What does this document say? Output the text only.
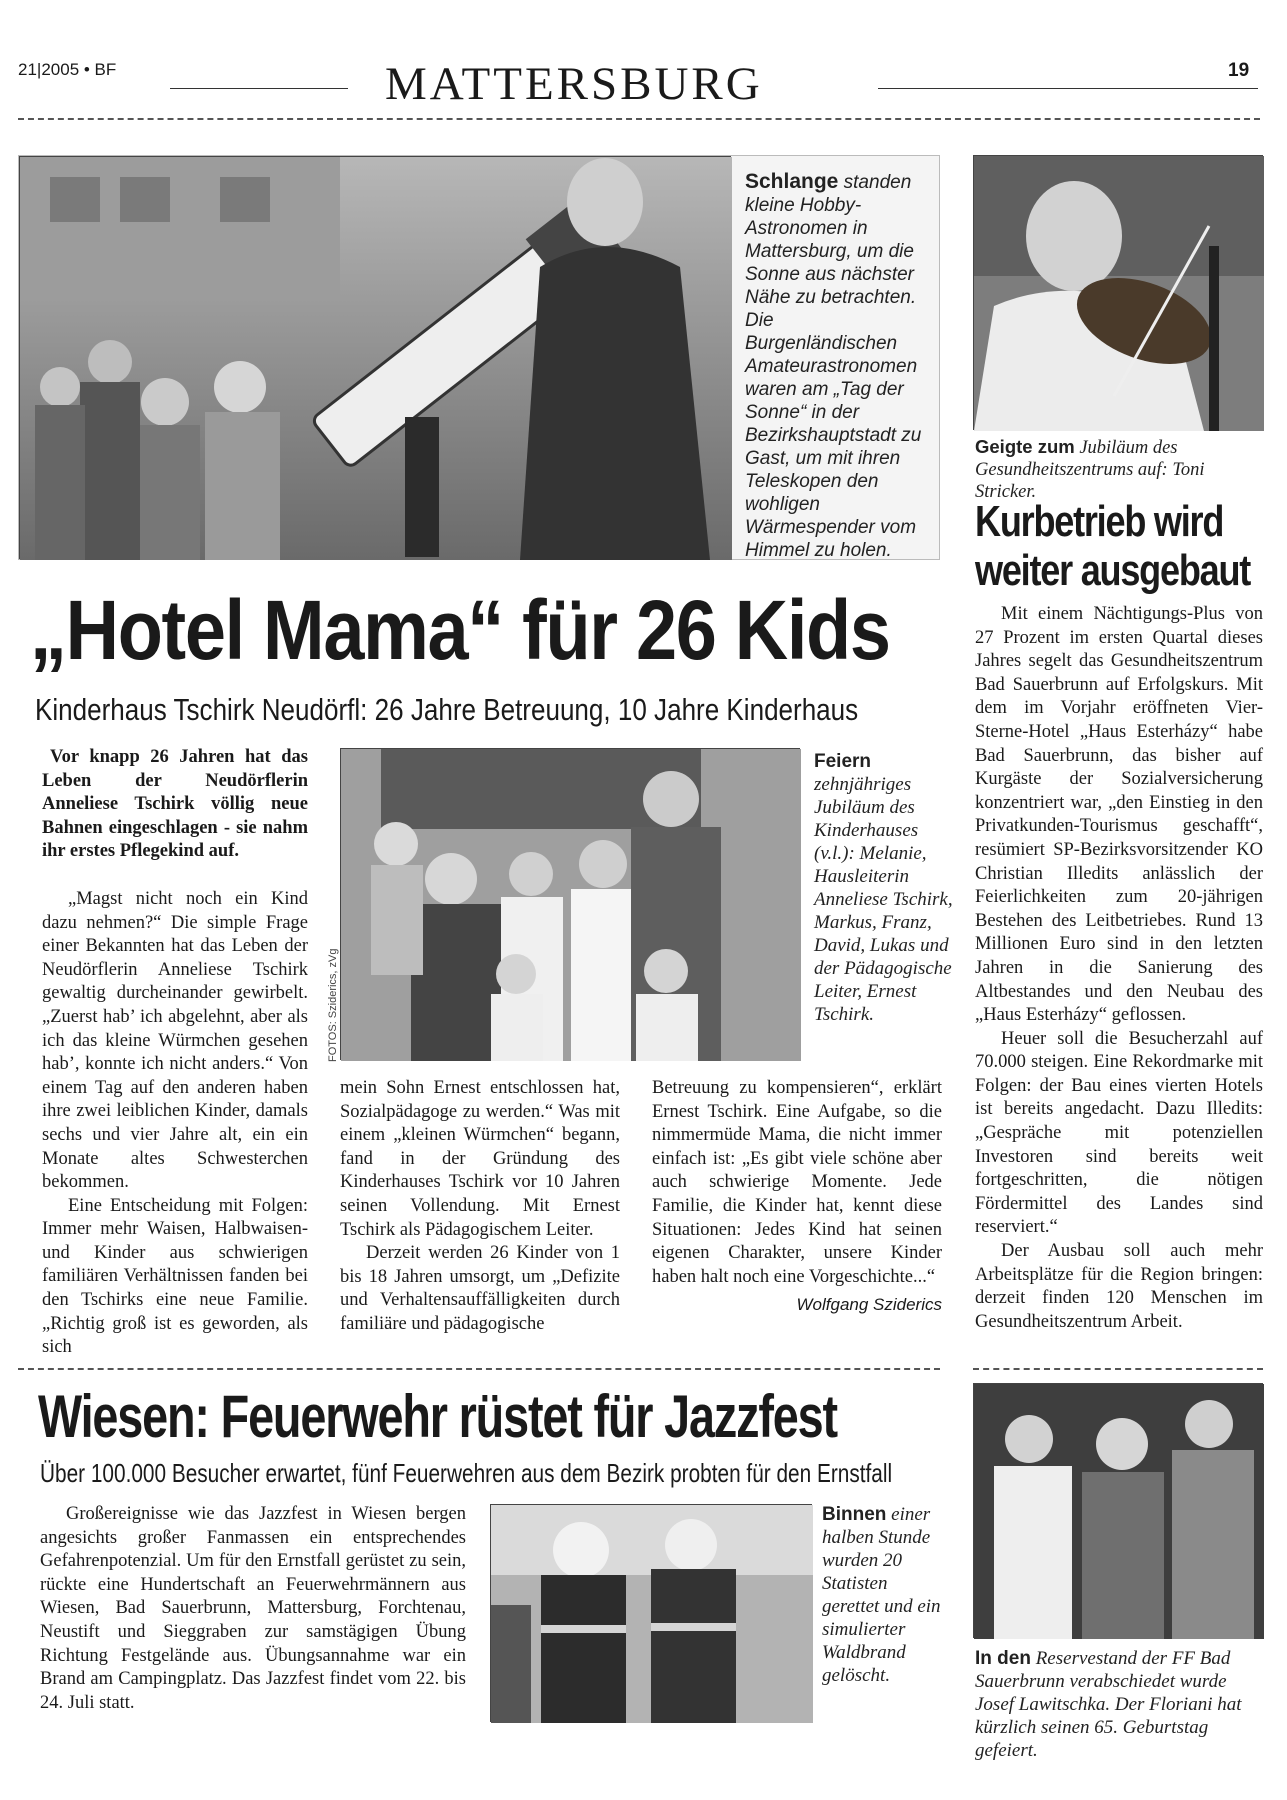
21|2005 • BF	MATTERSBURG	19
Schlange standen kleine Hobby-Astronomen in Mattersburg, um die Sonne aus nächster Nähe zu betrachten. Die Burgenländischen Amateurastronomen waren am „Tag der Sonne“ in der Bezirkshauptstadt zu Gast, um mit ihren Teleskopen den wohligen Wärmespender vom Himmel zu holen.
Geigte zum Jubiläum des Gesundheitszentrums auf: Toni Stricker.
Kurbetrieb wird
weiter ausgebaut

Mit einem Nächtigungs-Plus von 27 Prozent im ersten Quartal dieses Jahres segelt das Gesundheitszentrum Bad Sauerbrunn auf Erfolgskurs. Mit dem im Vorjahr eröffneten Vier-Sterne-Hotel „Haus Esterházy“ habe Bad Sauerbrunn, das bisher auf Kurgäste der Sozialversicherung konzentriert war, „den Einstieg in den Privatkunden-Tourismus geschafft“, resümiert SP-Bezirksvorsitzender KO Christian Illedits anlässlich der Feierlichkeiten zum 20-jährigen Bestehen des Leitbetriebes. Rund 13 Millionen Euro sind in den letzten Jahren in die Sanierung des Altbestandes und den Neubau des „Haus Esterházy“ geflossen.

Heuer soll die Besucherzahl auf 70.000 steigen. Eine Rekordmarke mit Folgen: der Bau eines vierten Hotels ist bereits angedacht. Dazu Illedits: „Gespräche mit potenziellen Investoren sind bereits weit fortgeschritten, die nötigen Fördermittel des Landes sind reserviert.“

Der Ausbau soll auch mehr Arbeitsplätze für die Region bringen: derzeit finden 120 Menschen im Gesundheitszentrum Arbeit.

„Hotel Mama“ für 26 Kids
Kinderhaus Tschirk Neudörfl: 26 Jahre Betreuung, 10 Jahre Kinderhaus
Vor knapp 26 Jahren hat das Leben der Neudörflerin Anneliese Tschirk völlig neue Bahnen eingeschlagen - sie nahm ihr erstes Pflegekind auf.

„Magst nicht noch ein Kind dazu nehmen?“ Die simple Frage einer Bekannten hat das Leben der Neudörflerin Anneliese Tschirk gewaltig durcheinander gewirbelt. „Zuerst hab’ ich abgelehnt, aber als ich das kleine Würmchen gesehen hab’, konnte ich nicht anders.“ Von einem Tag auf den anderen haben ihre zwei leiblichen Kinder, damals sechs und vier Jahre alt, ein ein Monate altes Schwesterchen bekommen.

Eine Entscheidung mit Folgen: Immer mehr Waisen, Halbwaisen- und Kinder aus schwierigen familiären Verhältnissen fanden bei den Tschirks eine neue Familie. „Richtig groß ist es geworden, als sich

FOTOS: Sziderics, zVg
Feiern zehnjähriges Jubiläum des Kinderhauses (v.l.): Melanie, Hausleiterin Anneliese Tschirk, Markus, Franz, David, Lukas und der Pädagogische Leiter, Ernest Tschirk.

mein Sohn Ernest entschlossen hat, Sozialpädagoge zu werden.“ Was mit einem „kleinen Würmchen“ begann, fand in der Gründung des Kinderhauses Tschirk vor 10 Jahren seinen Vollendung. Mit Ernest Tschirk als Pädagogischem Leiter.

Derzeit werden 26 Kinder von 1 bis 18 Jahren umsorgt, um „Defizite und Verhaltensauffälligkeiten durch familiäre und pädagogische

Betreuung zu kompensieren“, erklärt Ernest Tschirk. Eine Aufgabe, so die nimmermüde Mama, die nicht immer einfach ist: „Es gibt viele schöne aber auch schwierige Momente. Jede Familie, die Kinder hat, kennt diese Situationen: Jedes Kind hat seinen eigenen Charakter, unsere Kinder haben halt noch eine Vorgeschichte...“

Wolfgang Sziderics
Wiesen: Feuerwehr rüstet für Jazzfest
Über 100.000 Besucher erwartet, fünf Feuerwehren aus dem Bezirk probten für den Ernstfall

Großereignisse wie das Jazzfest in Wiesen bergen angesichts großer Fanmassen ein entsprechendes Gefahrenpotenzial. Um für den Ernstfall gerüstet zu sein, rückte eine Hundertschaft an Feuerwehrmännern aus Wiesen, Bad Sauerbrunn, Mattersburg, Forchtenau, Neustift und Sieggraben zur samstägigen Übung Richtung Festgelände aus. Übungsannahme war ein Brand am Campingplatz. Das Jazzfest findet vom 22. bis 24. Juli statt.

Binnen einer halben Stunde wurden 20 Statisten gerettet und ein simulierter Waldbrand gelöscht.
In den Reservestand der FF Bad Sauerbrunn verabschiedet wurde Josef Lawitschka. Der Floriani hat kürzlich seinen 65. Geburtstag gefeiert.
